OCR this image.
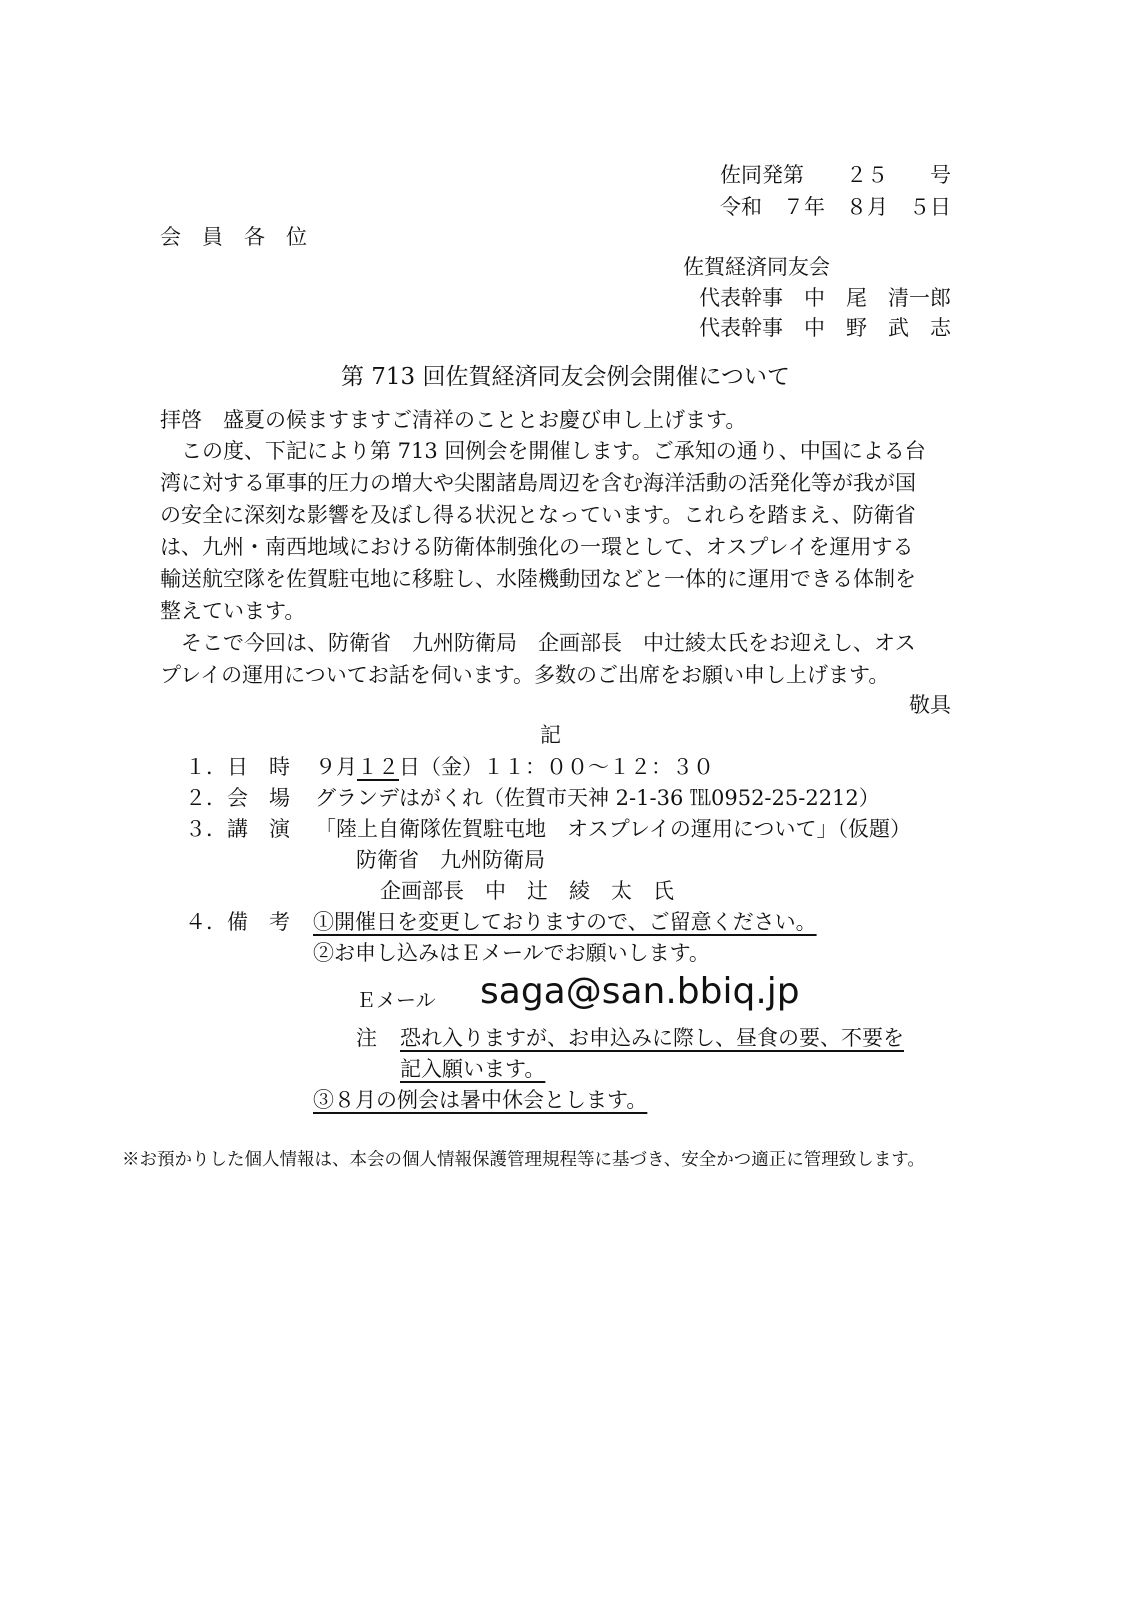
佐同発第　　２５　　号
令和　７年　８月　５日
会　員　各　位
佐賀経済同友会
代表幹事　中　尾　清一郎
代表幹事　中　野　武　志
第 713 回佐賀経済同友会例会開催について
拝啓　盛夏の候ますますご清祥のこととお慶び申し上げます。
　この度、下記により第 713 回例会を開催します。ご承知の通り、中国による台
湾に対する軍事的圧力の増大や尖閣諸島周辺を含む海洋活動の活発化等が我が国
の安全に深刻な影響を及ぼし得る状況となっています。これらを踏まえ、防衛省
は、九州・南西地域における防衛体制強化の一環として、オスプレイを運用する
輸送航空隊を佐賀駐屯地に移駐し、水陸機動団などと一体的に運用できる体制を
整えています。
　そこで今回は、防衛省　九州防衛局　企画部長　中辻綾太氏をお迎えし、オス
プレイの運用についてお話を伺います。多数のご出席をお願い申し上げます。
敬具
記
１．日　時 ９月１２日（金）１１：００～１２：３０
２．会　場 グランデはがくれ（佐賀市天神 2-1-36 ℡0952-25-2212）
３．講　演 「陸上自衛隊佐賀駐屯地　オスプレイの運用について」（仮題）
防衛省　九州防衛局
企画部長　中　辻　綾　太　氏
４．備　考 ①開催日を変更しておりますので、ご留意ください。
②お申し込みはＥメールでお願いします。
Ｅメール saga@san.bbiq.jp
注 恐れ入りますが、お申込みに際し、昼食の要、不要を
記入願います。
③８月の例会は暑中休会とします。
※お預かりした個人情報は、本会の個人情報保護管理規程等に基づき、安全かつ適正に管理致します。
